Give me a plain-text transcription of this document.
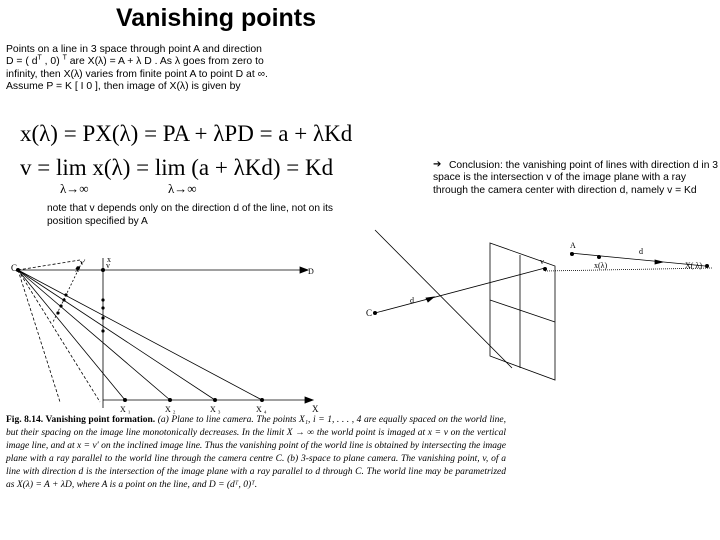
Vanishing points
Points on a line in 3 space through point A and direction
D = ( $d^T$ , 0) $^T$ are X(λ) = A + λ D . As λ goes from zero to
infinity, then X(λ) varies from finite point A to point D at ∞.
Assume P = K [ I 0 ], then image of X(λ) is given by
x(λ) = PX(λ) = PA + λPD = a + λKd
v = lim x(λ) = lim (a + λKd) = Kd
λ→∞	λ→∞
note that v depends only on the direction d of the line, not on its position specified by A
➔ Conclusion: the vanishing point of lines with direction d in 3 space is the intersection v of the image plane with a ray through the camera center with direction d, namely v = Kd
C
x
v
x'
v'
D
X
X ₁	X ₂	X ₃	X ₄
C
d
v
A
d
X( λ)
x(λ)
Fig. 8.14. Vanishing point formation. (a) Plane to line camera. The points X₁, i = 1, . . . , 4 are equally spaced on the world line, but their spacing on the image line monotonically decreases. In the limit X → ∞ the world point is imaged at x = v on the vertical image line, and at x = v′ on the inclined image line. Thus the vanishing point of the world line is obtained by intersecting the image plane with a ray parallel to the world line through the camera centre C. (b) 3-space to plane camera. The vanishing point, v, of a line with direction d is the intersection of the image plane with a ray parallel to d through C. The world line may be parametrized as X(λ) = A + λD, where A is a point on the line, and D = (dᵀ, 0)ᵀ.
